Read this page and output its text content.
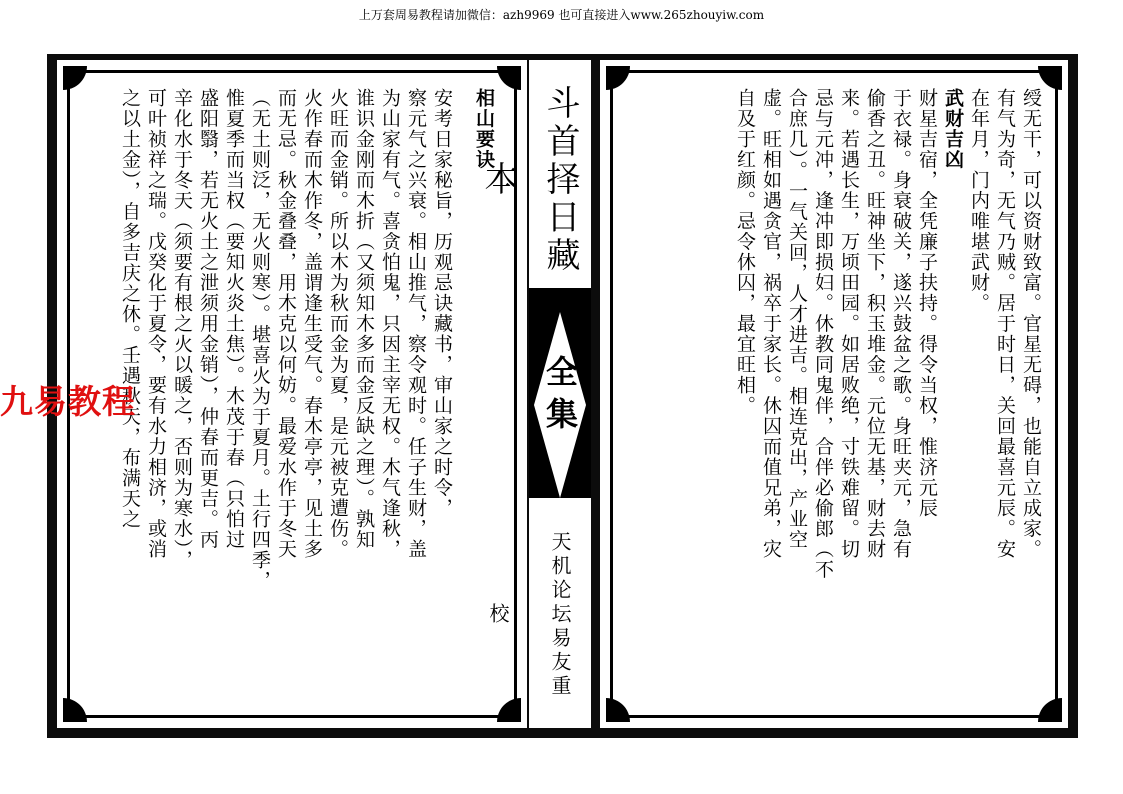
上万套周易教程请加微信：azh9969 也可直接进入www.265zhouyiw.com
相山要诀
安考日家秘旨，历观忌诀藏书，审山家之时令，
察元气之兴衰。相山推气，察令观时。任子生财，盖
为山家有气。喜贪怕鬼，只因主宰无权。木气逢秋，
谁识金刚而木折（又须知木多而金反缺之理）。孰知
火旺而金销。所以木为秋而金为夏，是元被克遭伤。
火作春而木作冬，盖谓逢生受气。春木亭亭，见土多
而无忌。秋金叠叠，用木克以何妨。最爱水作于冬天
（无土则泛，无火则寒）。堪喜火为于夏月。土行四季，
惟夏季而当权（要知火炎土焦）。木茂于春（只怕过
盛阳翳，若无火土之泄须用金销），仲春而更吉。丙
辛化水于冬天（须要有根之火以暖之，否则为寒水），
可叶祯祥之瑞。戊癸化于夏令，要有水力相济，或消
之以土金），自多吉庆之休。壬遇秋天，布满天之	斗首择日藏本
全集
天机论坛易友重 校
绶无干，可以资财致富。官星无碍，也能自立成家。
有气为奇，无气乃贼。居于时日，关回最喜元辰。安
在年月，门内唯堪武财。
武财吉凶
财星吉宿，全凭廉子扶持。得令当权，惟济元辰
于衣禄。身衰破关，遂兴鼓盆之歌。身旺夹元，急有
偷香之丑。旺神坐下，积玉堆金。元位无基，财去财
来。若遇长生，万顷田园。如居败绝，寸铁难留。切
忌与元冲，逢冲即损妇。休教同鬼伴，合伴必偷郎（不
合庶几）。一气关回，人才进吉。相连克出，产业空
虚。旺相如遇贪官，祸卒于家长。休囚而值兄弟，灾
自及于红颜。忌令休囚，最宜旺相。
九易教程
